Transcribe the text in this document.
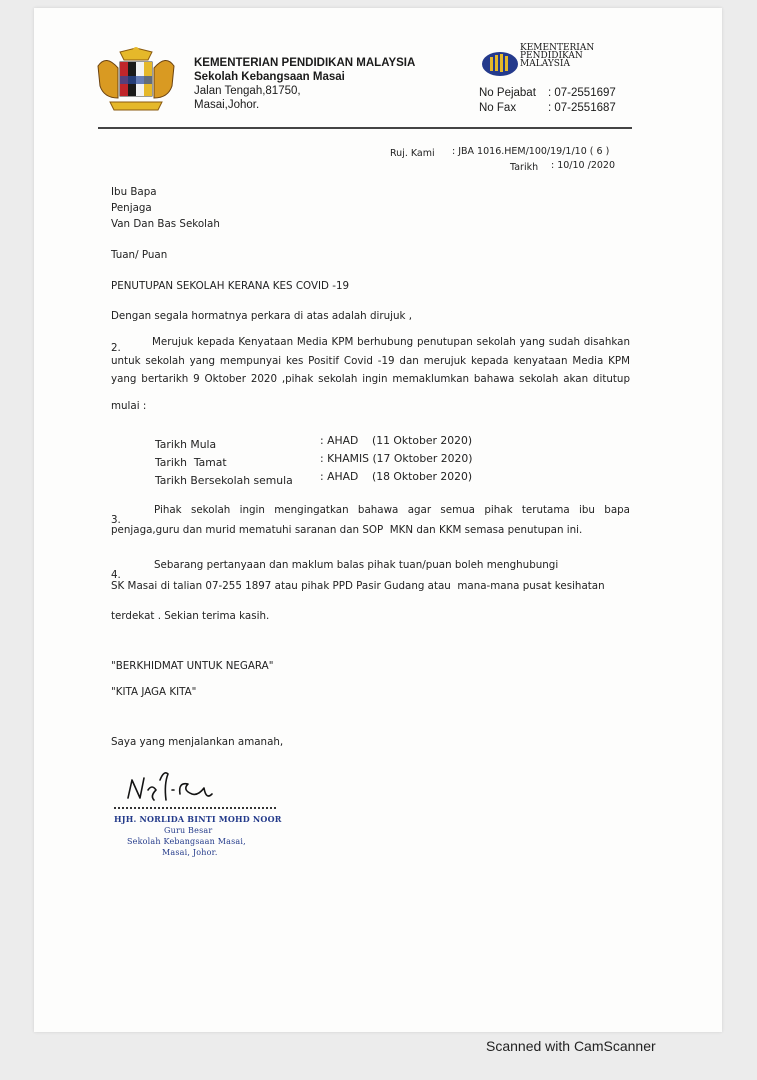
KEMENTERIAN PENDIDIKAN MALAYSIA
Sekolah Kebangsaan Masai
Jalan Tengah,81750,
Masai,Johor.
KEMENTERIAN
PENDIDIKAN
MALAYSIA
No Pejabat : 07-2551697
No Fax	: 07-2551687
Ruj. Kami : JBA 1016.HEM/100/19/1/10 ( 6 )
Tarikh : 10/10 /2020
Ibu Bapa
Penjaga
Van Dan Bas Sekolah
Tuan/ Puan
PENUTUPAN SEKOLAH KERANA KES COVID -19
Dengan segala hormatnya perkara di atas adalah dirujuk ,
2.	Merujuk kepada Kenyataan Media KPM berhubung penutupan sekolah yang sudah disahkan
untuk sekolah yang mempunyai kes Positif Covid -19 dan merujuk kepada kenyataan Media KPM
yang bertarikh 9 Oktober 2020 ,pihak sekolah ingin memaklumkan bahawa sekolah akan ditutup
mulai :
Tarikh Mula	: AHAD    (11 Oktober 2020)
Tarikh  Tamat	: KHAMIS (17 Oktober 2020)
Tarikh Bersekolah semula	: AHAD    (18 Oktober 2020)
3.
Pihak sekolah ingin mengingatkan bahawa agar semua pihak terutama ibu bapa
penjaga,guru dan murid mematuhi saranan dan SOP  MKN dan KKM semasa penutupan ini.
4.
Sebarang pertanyaan dan maklum balas pihak tuan/puan boleh menghubungi
SK Masai di talian 07-255 1897 atau pihak PPD Pasir Gudang atau  mana-mana pusat kesihatan
terdekat . Sekian terima kasih.
"BERKHIDMAT UNTUK NEGARA"
"KITA JAGA KITA"
Saya yang menjalankan amanah,
HJH. NORLIDA BINTI MOHD NOOR
Guru Besar
Sekolah Kebangsaan Masai,
Masai, Johor.
Scanned with CamScanner
